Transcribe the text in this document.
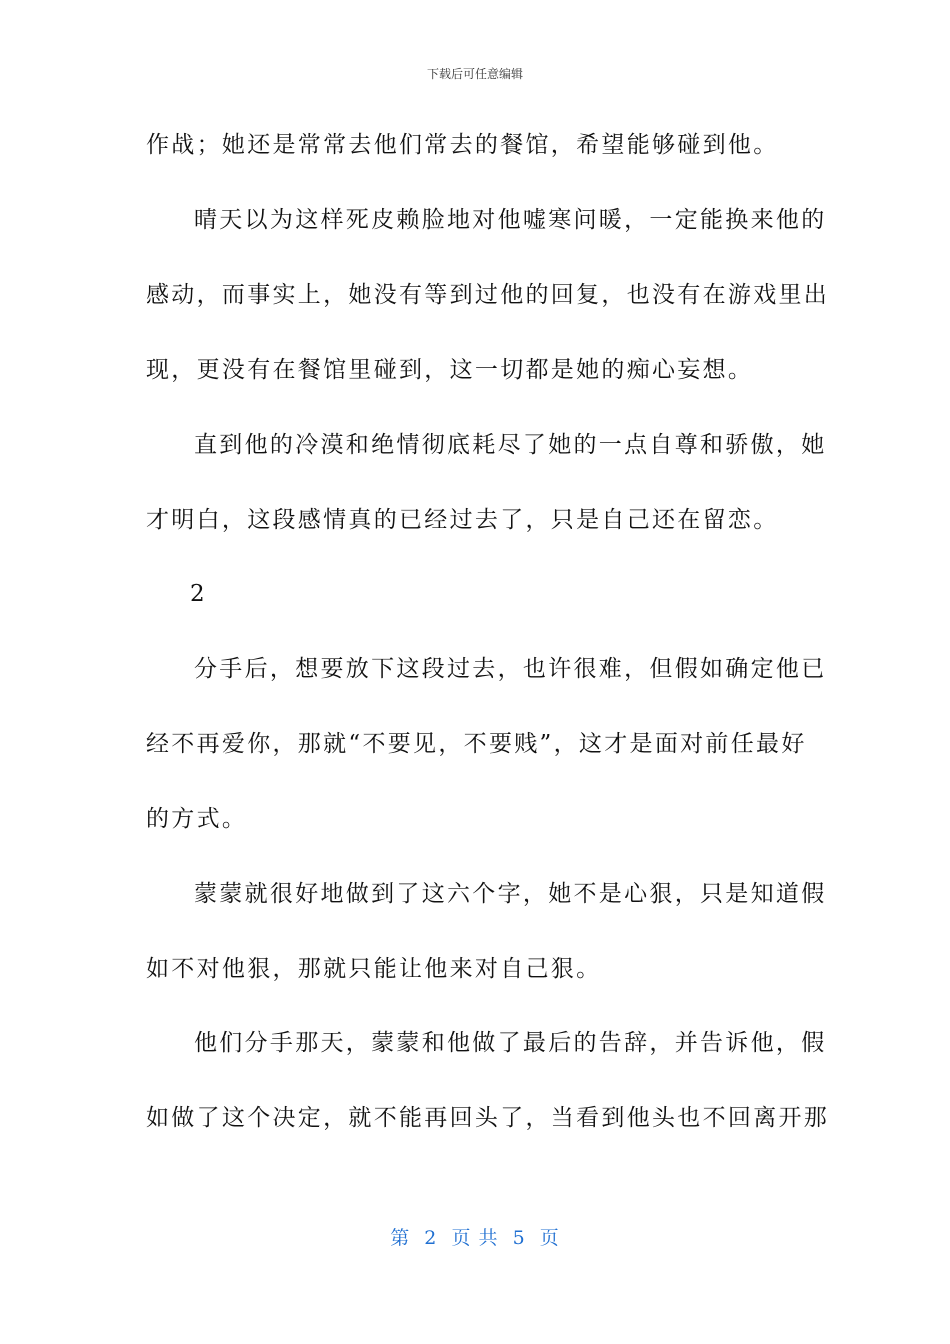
下载后可任意编辑
作战；她还是常常去他们常去的餐馆，希望能够碰到他。
晴天以为这样死皮赖脸地对他嘘寒问暖，一定能换来他的
感动，而事实上，她没有等到过他的回复，也没有在游戏里出
现，更没有在餐馆里碰到，这一切都是她的痴心妄想。
直到他的冷漠和绝情彻底耗尽了她的一点自尊和骄傲，她
才明白，这段感情真的已经过去了，只是自己还在留恋。
2
分手后，想要放下这段过去，也许很难，但假如确定他已
经不再爱你，那就“不要见，不要贱”，这才是面对前任最好
的方式。
蒙蒙就很好地做到了这六个字，她不是心狠，只是知道假
如不对他狠，那就只能让他来对自己狠。
他们分手那天，蒙蒙和他做了最后的告辞，并告诉他，假
如做了这个决定，就不能再回头了，当看到他头也不回离开那
第  2  页 共  5  页
